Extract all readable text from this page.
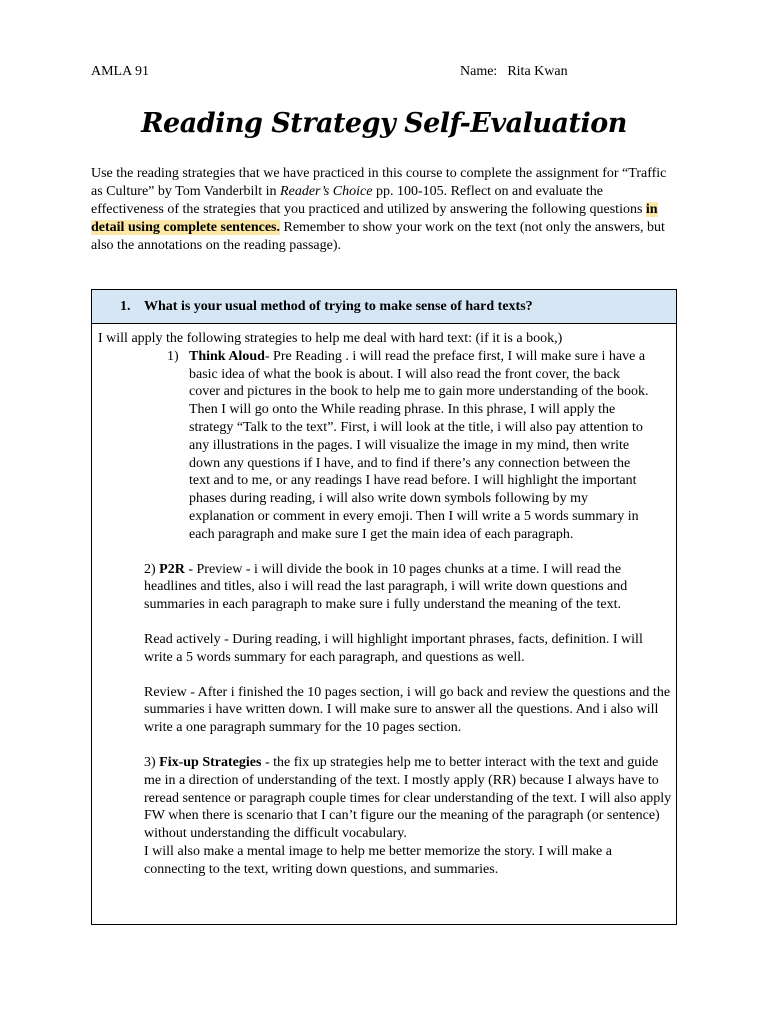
AMLA 91	Name: Rita Kwan
Reading Strategy Self-Evaluation
Use the reading strategies that we have practiced in this course to complete the assignment for “Traffic as Culture” by Tom Vanderbilt in Reader’s Choice pp. 100-105. Reflect on and evaluate the effectiveness of the strategies that you practiced and utilized by answering the following questions in detail using complete sentences. Remember to show your work on the text (not only the answers, but also the annotations on the reading passage).
1. What is your usual method of trying to make sense of hard texts?

I will apply the following strategies to help me deal with hard text: (if it is a book,)

1) Think Aloud- Pre Reading . i will read the preface first, I will make sure i have a basic idea of what the book is about. I will also read the front cover, the back cover and pictures in the book to help me to gain more understanding of the book. Then I will go onto the While reading phrase. In this phrase, I will apply the strategy “Talk to the text”. First, i will look at the title, i will also pay attention to any illustrations in the pages. I will visualize the image in my mind, then write down any questions if I have, and to find if there’s any connection between the text and to me, or any readings I have read before. I will highlight the important phases during reading, i will also write down symbols following by my explanation or comment in every emoji. Then I will write a 5 words summary in each paragraph and make sure I get the main idea of each paragraph.

2) P2R - Preview - i will divide the book in 10 pages chunks at a time. I will read the headlines and titles, also i will read the last paragraph, i will write down questions and summaries in each paragraph to make sure i fully understand the meaning of the text.

Read actively - During reading, i will highlight important phrases, facts, definition. I will write a 5 words summary for each paragraph, and questions as well.

Review - After i finished the 10 pages section, i will go back and review the questions and the summaries i have written down. I will make sure to answer all the questions. And i also will write a one paragraph summary for the 10 pages section.

3) Fix-up Strategies - the fix up strategies help me to better interact with the text and guide me in a direction of understanding of the text. I mostly apply (RR) because I always have to reread sentence or paragraph couple times for clear understanding of the text. I will also apply FW when there is scenario that I can’t figure our the meaning of the paragraph (or sentence) without understanding the difficult vocabulary.

I will also make a mental image to help me better memorize the story. I will make a connecting to the text, writing down questions, and summaries.
